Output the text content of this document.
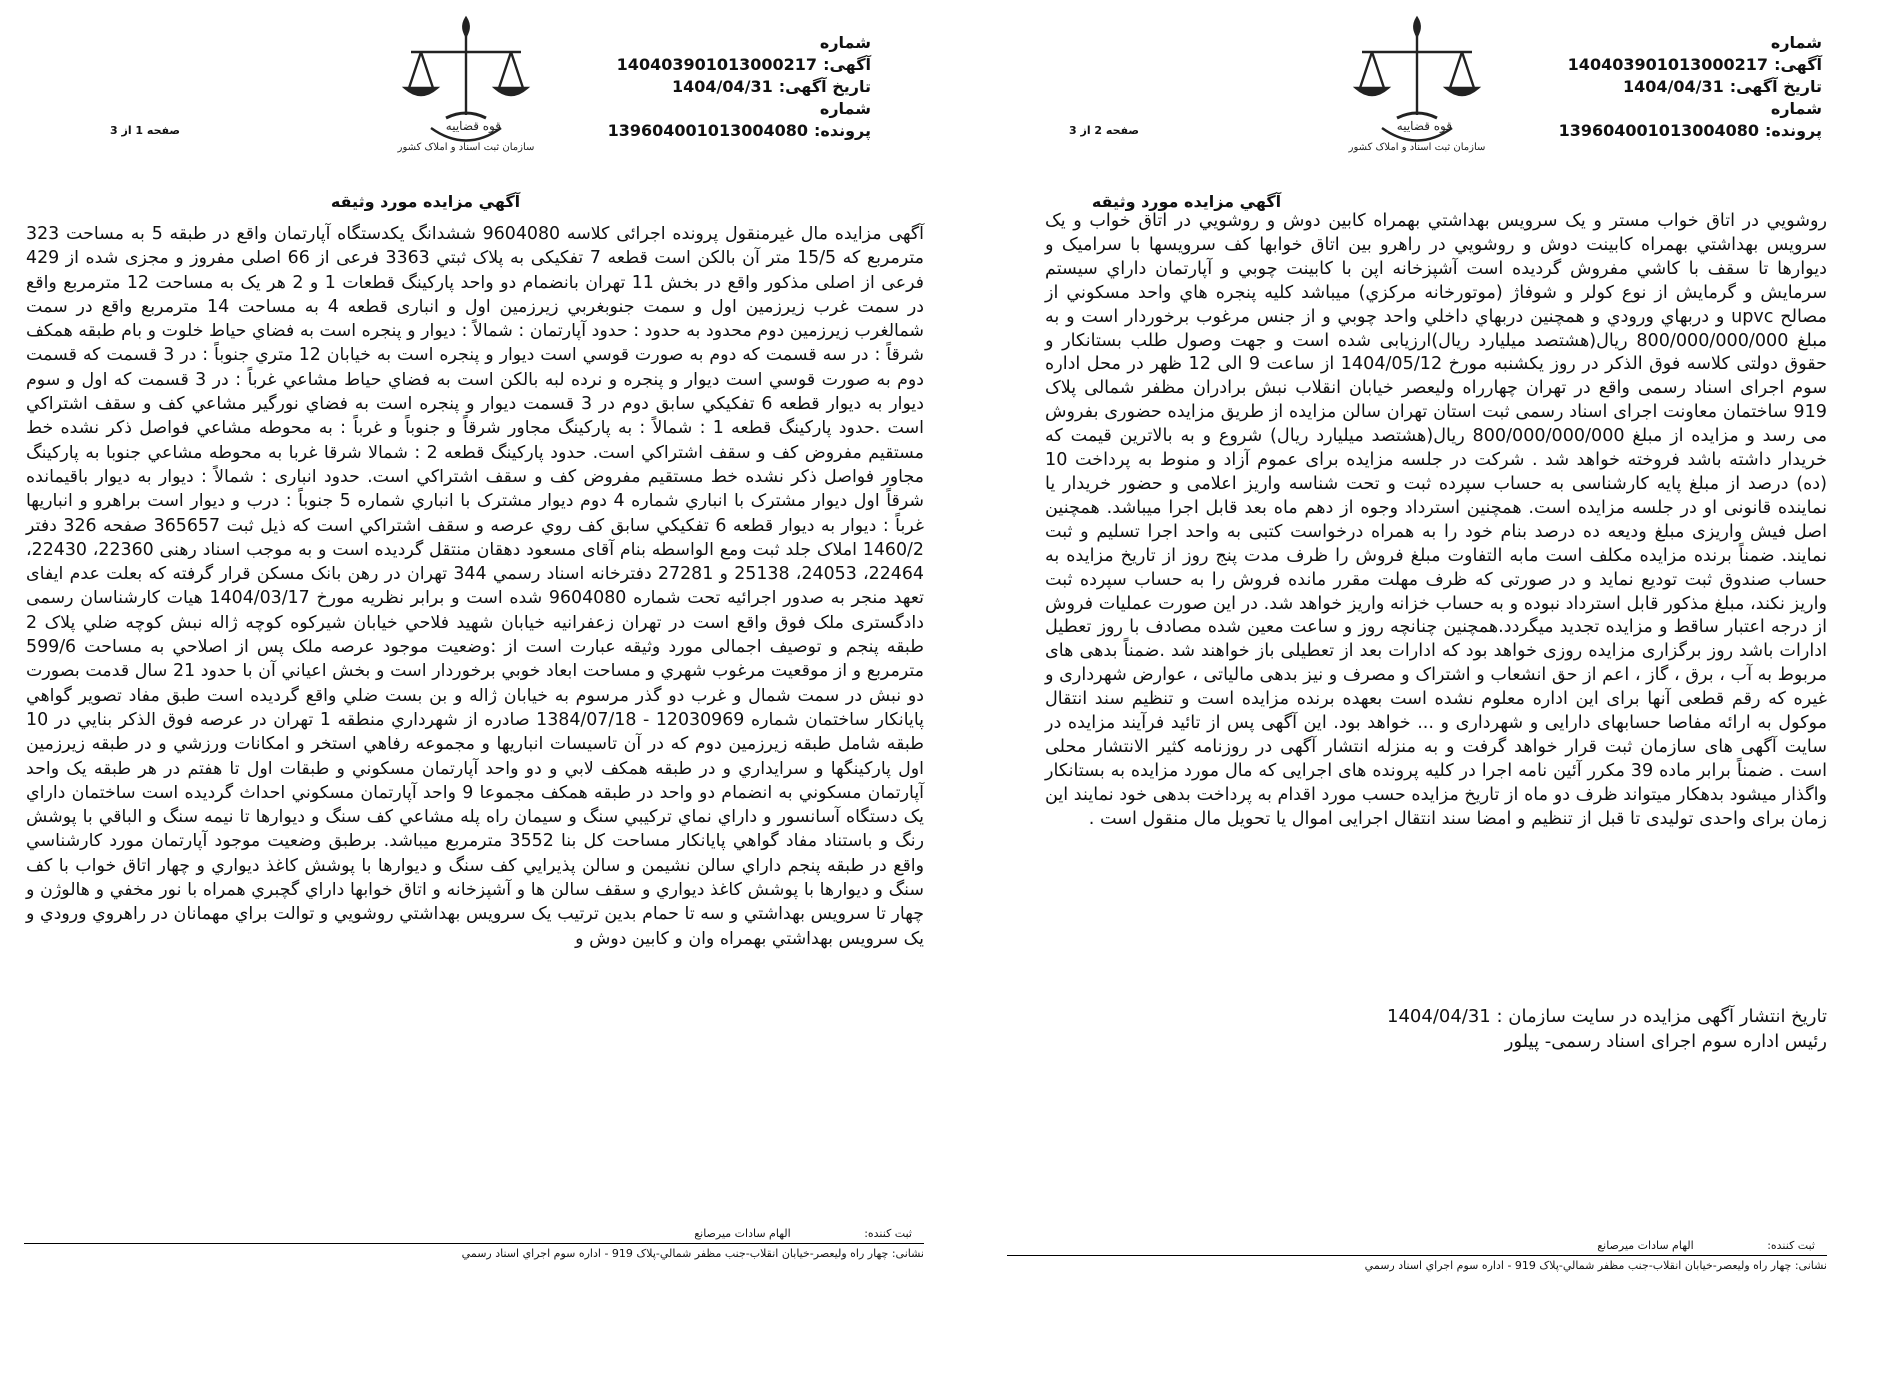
شماره آگهی:140403901013000217
تاریخ آگهی:1404/04/31
شماره پرونده:139604001013004080
قوه قضاییه
سازمان ثبت اسناد و املاک کشور
صفحه 2 از 3
آگهي مزايده مورد وثيقه

روشويي در اتاق خواب مستر و يک سرويس بهداشتي بهمراه کابين دوش و روشويي در اتاق خواب و يک سرويس بهداشتي بهمراه کابينت دوش و روشويي در راهرو بين اتاق خوابها کف سرويسها با سراميک و ديوارها تا سقف با کاشي مفروش گرديده است آشپزخانه اپن با کابينت چوبي و آپارتمان داراي سيستم سرمايش و گرمايش از نوع کولر و شوفاژ (موتورخانه مرکزي) ميباشد کليه پنجره هاي واحد مسکوني از مصالح upvc و دربهاي ورودي و همچنين دربهاي داخلي واحد چوبي و از جنس مرغوب برخوردار است و به مبلغ 800/000/000/000 ريال(هشتصد ميليارد ريال)ارزيابی شده است و جهت وصول طلب بستانکار و حقوق دولتی کلاسه فوق الذکر در روز يکشنبه مورخ 1404/05/12 از ساعت 9 الی 12 ظهر در محل اداره سوم اجرای اسناد رسمی واقع در تهران چهارراه وليعصر خيابان انقلاب نبش برادران مظفر شمالی پلاک 919 ساختمان معاونت اجرای اسناد رسمی ثبت استان تهران سالن مزايده از طريق مزايده حضوری بفروش می رسد و مزايده از مبلغ 800/000/000/000 ريال(هشتصد ميليارد ريال) شروع و به بالاترين قيمت که خريدار داشته باشد فروخته خواهد شد . شرکت در جلسه مزايده برای عموم آزاد و منوط به پرداخت 10 (ده) درصد از مبلغ پايه کارشناسی به حساب سپرده ثبت و تحت شناسه واريز اعلامی و حضور خريدار يا نماينده قانونی او در جلسه مزايده است. همچنين استرداد وجوه از دهم ماه بعد قابل اجرا ميباشد. همچنين اصل فيش واريزی مبلغ وديعه ده درصد بنام خود را به همراه درخواست کتبی به واحد اجرا تسليم و ثبت نمايند. ضمناً برنده مزايده مکلف است مابه التفاوت مبلغ فروش را ظرف مدت پنج روز از تاريخ مزايده به حساب صندوق ثبت توديع نمايد و در صورتی که ظرف مهلت مقرر مانده فروش را به حساب سپرده ثبت واريز نکند، مبلغ مذکور قابل استرداد نبوده و به حساب خزانه واريز خواهد شد. در اين صورت عمليات فروش از درجه اعتبار ساقط و مزايده تجديد ميگردد.همچنين چنانچه روز و ساعت معين شده مصادف با روز تعطيل ادارات باشد روز برگزاری مزايده روزی خواهد بود که ادارات بعد از تعطيلی باز خواهند شد .ضمناً بدهی های مربوط به آب ، برق ، گاز ، اعم از حق انشعاب و اشتراک و مصرف و نيز بدهی مالياتی ، عوارض شهرداری و غيره که رقم قطعی آنها برای اين اداره معلوم نشده است بعهده برنده مزايده است و تنظيم سند انتقال موکول به ارائه مفاصا حسابهای دارايی و شهرداری و ... خواهد بود. اين آگهی پس از تائيد فرآيند مزايده در سايت آگهی های سازمان ثبت قرار خواهد گرفت و به منزله انتشار آگهی در روزنامه کثير الانتشار محلی است . ضمناً برابر ماده 39 مکرر آئين نامه اجرا در کليه پرونده های اجرايی که مال مورد مزايده به بستانکار واگذار ميشود بدهکار ميتواند ظرف دو ماه از تاريخ مزايده حسب مورد اقدام به پرداخت بدهی خود نمايند اين زمان برای واحدی توليدی تا قبل از تنظيم و امضا سند انتقال اجرايی اموال يا تحويل مال منقول است .

تاريخ انتشار آگهی مزايده در سايت سازمان : 1404/04/31
رئيس اداره سوم اجرای اسناد رسمی- پيلور
ثبت کننده: الهام سادات ميرصانع
نشانی: چهار راه وليعصر-خيابان انقلاب-جنب مظفر شمالي-پلاک 919 - اداره سوم اجراي اسناد رسمي
شماره آگهی:140403901013000217
تاریخ آگهی:1404/04/31
شماره پرونده:139604001013004080
قوه قضاییه
سازمان ثبت اسناد و املاک کشور
صفحه 1 از 3
آگهي مزايده مورد وثيقه

آگهی مزايده مال غيرمنقول پرونده اجرائی کلاسه 9604080 ششدانگ يکدستگاه آپارتمان واقع در طبقه 5 به مساحت 323 مترمربع که 15/5 متر آن بالکن است قطعه 7 تفکيکی به پلاک ثبتي 3363 فرعی از 66 اصلی مفروز و مجزی شده از 429 فرعی از اصلی مذکور واقع در بخش 11 تهران بانضمام دو واحد پارکينگ قطعات 1 و 2 هر يک به مساحت 12 مترمربع واقع در سمت غرب زيرزمين اول و سمت جنوبغربي زيرزمين اول و انباری قطعه 4 به مساحت 14 مترمربع واقع در سمت شمالغرب زيرزمين دوم محدود به حدود : حدود آپارتمان : شمالاً : ديوار و پنجره است به فضاي حياط خلوت و بام طبقه همکف شرقاً : در سه قسمت که دوم به صورت قوسي است ديوار و پنجره است به خيابان 12 متري جنوباً : در 3 قسمت که قسمت دوم به صورت قوسي است ديوار و پنجره و نرده لبه بالکن است به فضاي حياط مشاعي غرباً : در 3 قسمت که اول و سوم ديوار به ديوار قطعه 6 تفکيکي سابق دوم در 3 قسمت ديوار و پنجره است به فضاي نورگير مشاعي کف و سقف اشتراکي است .حدود پارکينگ قطعه 1 : شمالاً : به پارکينگ مجاور شرقاً و جنوباً و غرباً : به محوطه مشاعي فواصل ذکر نشده خط مستقيم مفروض کف و سقف اشتراکي است. حدود پارکينگ قطعه 2 : شمالا شرقا غربا به محوطه مشاعي جنوبا به پارکينگ مجاور فواصل ذکر نشده خط مستقيم مفروض کف و سقف اشتراکي است. حدود انباری : شمالاً : ديوار به ديوار باقيمانده شرقاً اول ديوار مشترک با انباري شماره 4 دوم ديوار مشترک با انباري شماره 5 جنوباً : درب و ديوار است براهرو و انباريها غرباً : ديوار به ديوار قطعه 6 تفکيکي سابق کف روي عرصه و سقف اشتراکي است که ذيل ثبت 365657 صفحه 326 دفتر 1460/2 املاک جلد ثبت ومع الواسطه بنام آقای مسعود دهقان منتقل گرديده است و به موجب اسناد رهنی 22360، 22430، 22464، 24053، 25138 و 27281 دفترخانه اسناد رسمي 344 تهران در رهن بانک مسکن قرار گرفته که بعلت عدم ايفای تعهد منجر به صدور اجرائيه تحت شماره 9604080 شده است و برابر نظريه مورخ 1404/03/17 هيات کارشناسان رسمی دادگستری ملک فوق واقع است در تهران زعفرانيه خيابان شهيد فلاحي خيابان شيرکوه کوچه ژاله نبش کوچه ضلي پلاک 2 طبقه پنجم و توصيف اجمالی مورد وثيقه عبارت است از :وضعيت موجود عرصه ملک پس از اصلاحي به مساحت 599/6 مترمربع و از موقعيت مرغوب شهري و مساحت ابعاد خوبي برخوردار است و بخش اعياني آن با حدود 21 سال قدمت بصورت دو نبش در سمت شمال و غرب دو گذر مرسوم به خيابان ژاله و بن بست ضلي واقع گرديده است طبق مفاد تصوير گواهي پايانکار ساختمان شماره 12030969 - 1384/07/18 صادره از شهرداري منطقه 1 تهران در عرصه فوق الذکر بنايي در 10 طبقه شامل طبقه زيرزمين دوم که در آن تاسيسات انباريها و مجموعه رفاهي استخر و امکانات ورزشي و در طبقه زيرزمين اول پارکينگها و سرايداري و در طبقه همکف لابي و دو واحد آپارتمان مسکوني و طبقات اول تا هفتم در هر طبقه يک واحد آپارتمان مسکوني به انضمام دو واحد در طبقه همکف مجموعا 9 واحد آپارتمان مسکوني احداث گرديده است ساختمان داراي يک دستگاه آسانسور و داراي نماي ترکيبي سنگ و سيمان راه پله مشاعي کف سنگ و ديوارها تا نيمه سنگ و الباقي با پوشش رنگ و باستناد مفاد گواهي پايانکار مساحت کل بنا 3552 مترمربع ميباشد. برطبق وضعيت موجود آپارتمان مورد کارشناسي واقع در طبقه پنجم داراي سالن نشيمن و سالن پذيرايي کف سنگ و ديوارها با پوشش کاغذ ديواري و چهار اتاق خواب با کف سنگ و ديوارها با پوشش کاغذ ديواري و سقف سالن ها و آشپزخانه و اتاق خوابها داراي گچبري همراه با نور مخفي و هالوژن و چهار تا سرويس بهداشتي و سه تا حمام بدين ترتيب يک سرويس بهداشتي روشويي و توالت براي مهمانان در راهروي ورودي و يک سرويس بهداشتي بهمراه وان و کابين دوش و

ثبت کننده: الهام سادات ميرصانع
نشانی: چهار راه وليعصر-خيابان انقلاب-جنب مظفر شمالي-پلاک 919 - اداره سوم اجراي اسناد رسمي
